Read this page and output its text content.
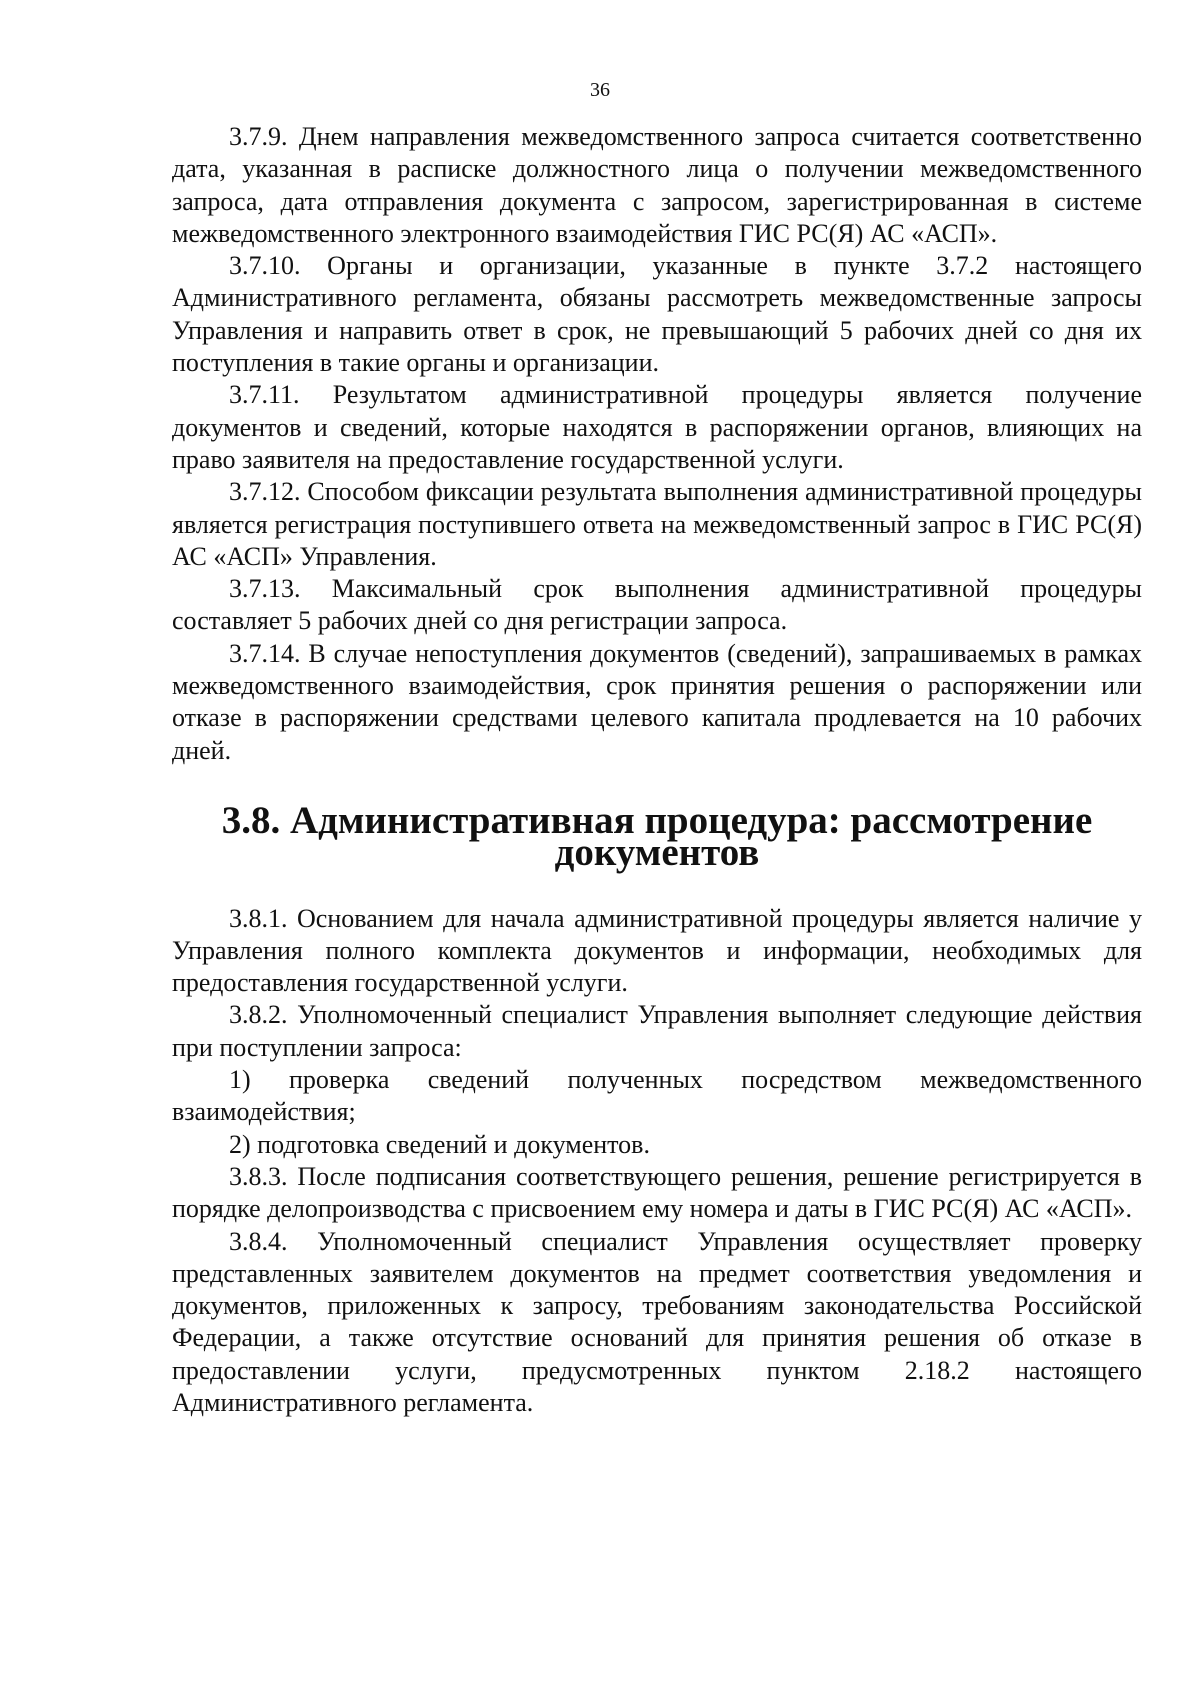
36

3.7.9. Днем направления межведомственного запроса считается соответственно дата, указанная в расписке должностного лица о получении межведомственного запроса, дата отправления документа с запросом, зарегистрированная в системе межведомственного электронного взаимодействия ГИС РС(Я) АС «АСП».

3.7.10. Органы и организации, указанные в пункте 3.7.2 настоящего Административного регламента, обязаны рассмотреть межведомственные запросы Управления и направить ответ в срок, не превышающий 5 рабочих дней со дня их поступления в такие органы и организации.

3.7.11. Результатом административной процедуры является получение документов и сведений, которые находятся в распоряжении органов, влияющих на право заявителя на предоставление государственной услуги.

3.7.12. Способом фиксации результата выполнения административной процедуры является регистрация поступившего ответа на межведомственный запрос в ГИС РС(Я) АС «АСП» Управления.

3.7.13. Максимальный срок выполнения административной процедуры составляет 5 рабочих дней со дня регистрации запроса.

3.7.14. В случае непоступления документов (сведений), запрашиваемых в рамках межведомственного взаимодействия, срок принятия решения о распоряжении или отказе в распоряжении средствами целевого капитала продлевается на 10 рабочих дней.

3.8. Административная процедура: рассмотрение документов

3.8.1. Основанием для начала административной процедуры является наличие у Управления полного комплекта документов и информации, необходимых для предоставления государственной услуги.

3.8.2. Уполномоченный специалист Управления выполняет следующие действия при поступлении запроса:

1) проверка сведений полученных посредством межведомственного взаимодействия;

2) подготовка сведений и документов.

3.8.3. После подписания соответствующего решения, решение регистрируется в порядке делопроизводства с присвоением ему номера и даты в ГИС РС(Я) АС «АСП».

3.8.4. Уполномоченный специалист Управления осуществляет проверку представленных заявителем документов на предмет соответствия уведомления и документов, приложенных к запросу, требованиям законодательства Российской Федерации, а также отсутствие оснований для принятия решения об отказе в предоставлении услуги, предусмотренных пунктом 2.18.2 настоящего Административного регламента.
